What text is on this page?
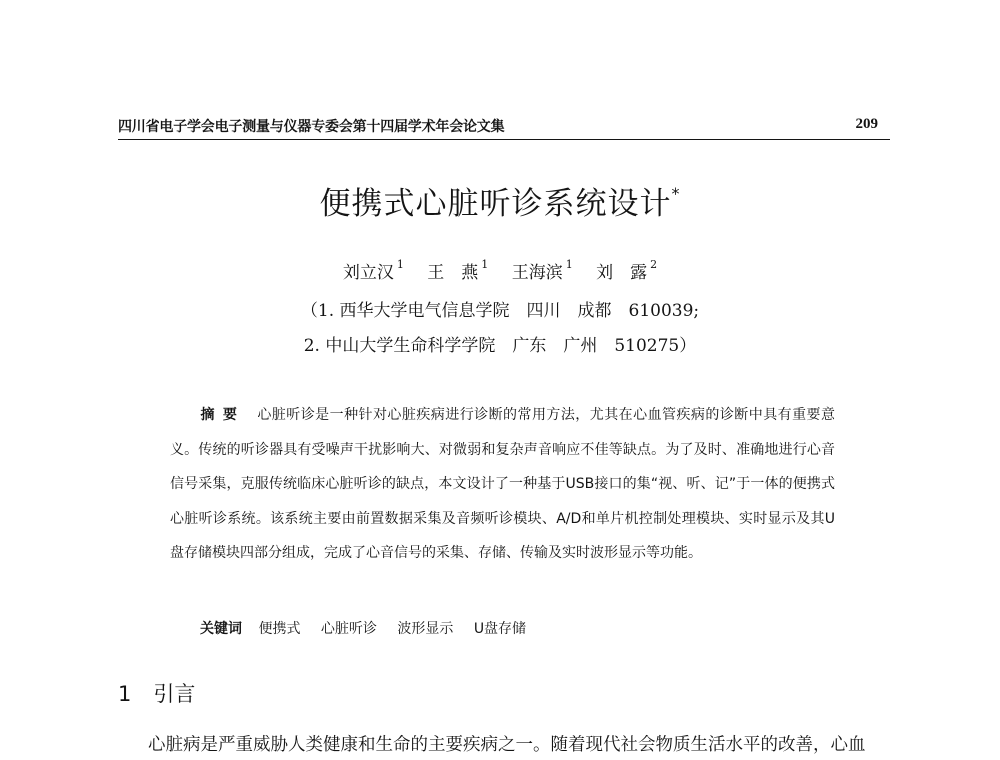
四川省电子学会电子测量与仪器专委会第十四届学术年会论文集	209
便携式心脏听诊系统设计*
刘立汉 $^1$ 王　燕 $^1$ 王海滨 $^1$ 刘　露 $^2$
（1. 西华大学电气信息学院　四川　成都　610039;
2. 中山大学生命科学学院　广东　广州　510275）
摘要 心脏听诊是一种针对心脏疾病进行诊断的常用方法，尤其在心血管疾病的诊断中具有重要意义。传统的听诊器具有受噪声干扰影响大、对微弱和复杂声音响应不佳等缺点。为了及时、准确地进行心音信号采集，克服传统临床心脏听诊的缺点，本文设计了一种基于USB接口的集“视、听、记”于一体的便携式心脏听诊系统。该系统主要由前置数据采集及音频听诊模块、A/D和单片机控制处理模块、实时显示及其U盘存储模块四部分组成，完成了心音信号的采集、存储、传输及实时波形显示等功能。
关键词 便携式 心脏听诊 波形显示 U盘存储
1 引言
心脏病是严重威胁人类健康和生命的主要疾病之一。随着现代社会物质生活水平的改善，心血
